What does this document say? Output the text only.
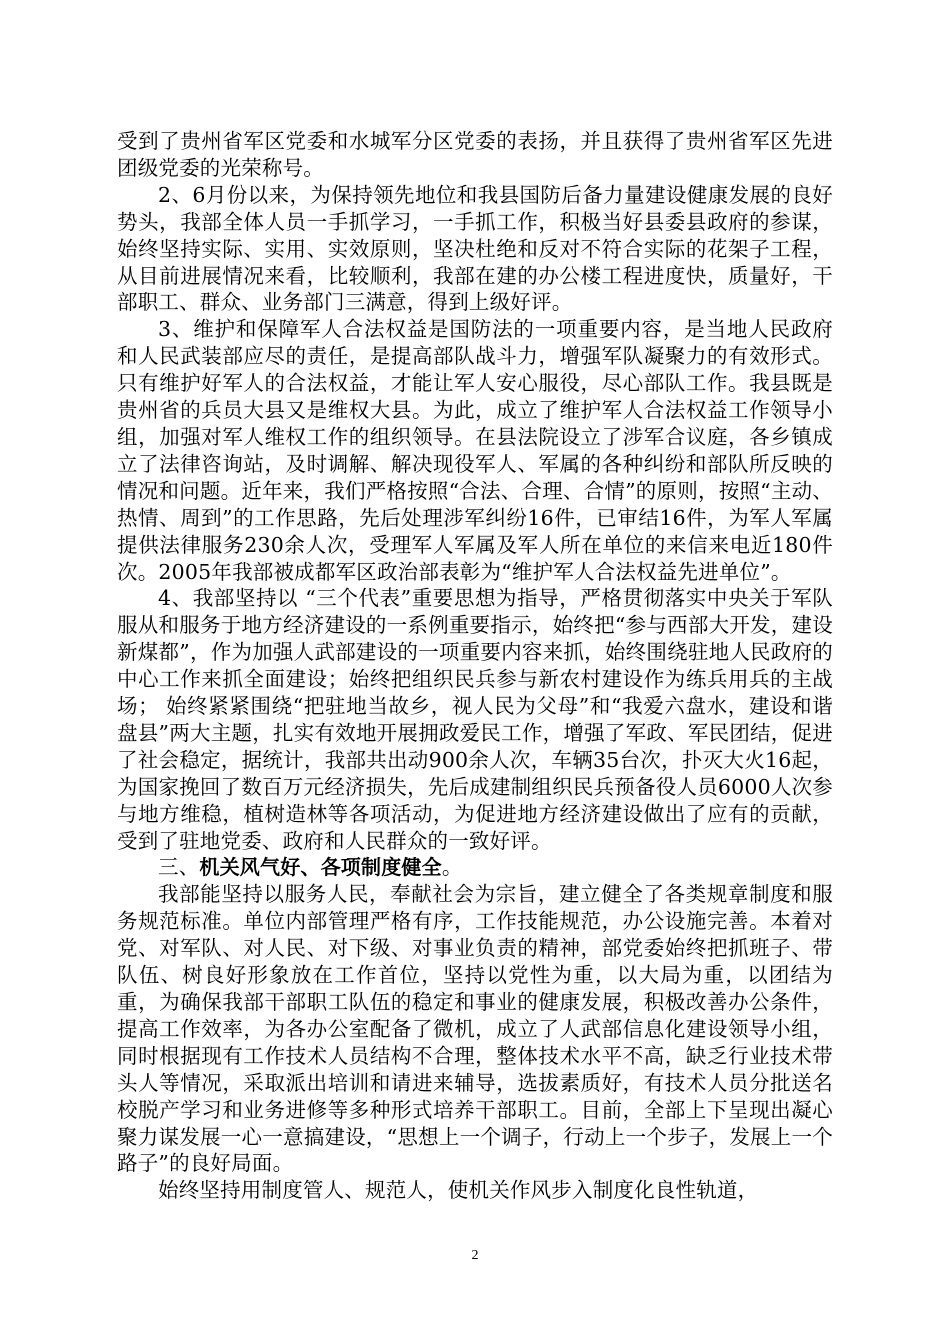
受到了贵州省军区党委和水城军分区党委的表扬，并且获得了贵州省军区先进团级党委的光荣称号。

2、6月份以来，为保持领先地位和我县国防后备力量建设健康发展的良好势头，我部全体人员一手抓学习，一手抓工作，积极当好县委县政府的参谋，始终坚持实际、实用、实效原则，坚决杜绝和反对不符合实际的花架子工程，从目前进展情况来看，比较顺利，我部在建的办公楼工程进度快，质量好，干部职工、群众、业务部门三满意，得到上级好评。

3、维护和保障军人合法权益是国防法的一项重要内容，是当地人民政府和人民武装部应尽的责任，是提高部队战斗力，增强军队凝聚力的有效形式。只有维护好军人的合法权益，才能让军人安心服役，尽心部队工作。我县既是贵州省的兵员大县又是维权大县。为此，成立了维护军人合法权益工作领导小组，加强对军人维权工作的组织领导。在县法院设立了涉军合议庭，各乡镇成立了法律咨询站，及时调解、解决现役军人、军属的各种纠纷和部队所反映的情况和问题。近年来，我们严格按照“合法、合理、合情”的原则，按照“主动、热情、周到”的工作思路，先后处理涉军纠纷16件，已审结16件，为军人军属提供法律服务230余人次，受理军人军属及军人所在单位的来信来电近180件次。2005年我部被成都军区政治部表彰为“维护军人合法权益先进单位”。

4、我部坚持以 “三个代表”重要思想为指导，严格贯彻落实中央关于军队服从和服务于地方经济建设的一系例重要指示，始终把“参与西部大开发，建设新煤都”，作为加强人武部建设的一项重要内容来抓，始终围绕驻地人民政府的中心工作来抓全面建设；始终把组织民兵参与新农村建设作为练兵用兵的主战场； 始终紧紧围绕“把驻地当故乡，视人民为父母”和“我爱六盘水，建设和谐盘县”两大主题，扎实有效地开展拥政爱民工作，增强了军政、军民团结，促进了社会稳定，据统计，我部共出动900余人次，车辆35台次，扑灭大火16起，为国家挽回了数百万元经济损失，先后成建制组织民兵预备役人员6000人次参与地方维稳，植树造林等各项活动，为促进地方经济建设做出了应有的贡献，受到了驻地党委、政府和人民群众的一致好评。

三、机关风气好、各项制度健全。

我部能坚持以服务人民，奉献社会为宗旨，建立健全了各类规章制度和服务规范标准。单位内部管理严格有序，工作技能规范，办公设施完善。本着对党、对军队、对人民、对下级、对事业负责的精神，部党委始终把抓班子、带队伍、树良好形象放在工作首位，坚持以党性为重，以大局为重，以团结为重，为确保我部干部职工队伍的稳定和事业的健康发展，积极改善办公条件，提高工作效率，为各办公室配备了微机，成立了人武部信息化建设领导小组，同时根据现有工作技术人员结构不合理，整体技术水平不高，缺乏行业技术带头人等情况，采取派出培训和请进来辅导，选拔素质好，有技术人员分批送名校脱产学习和业务进修等多种形式培养干部职工。目前，全部上下呈现出凝心聚力谋发展一心一意搞建设，“思想上一个调子，行动上一个步子，发展上一个路子”的良好局面。

始终坚持用制度管人、规范人，使机关作风步入制度化良性轨道，

2
